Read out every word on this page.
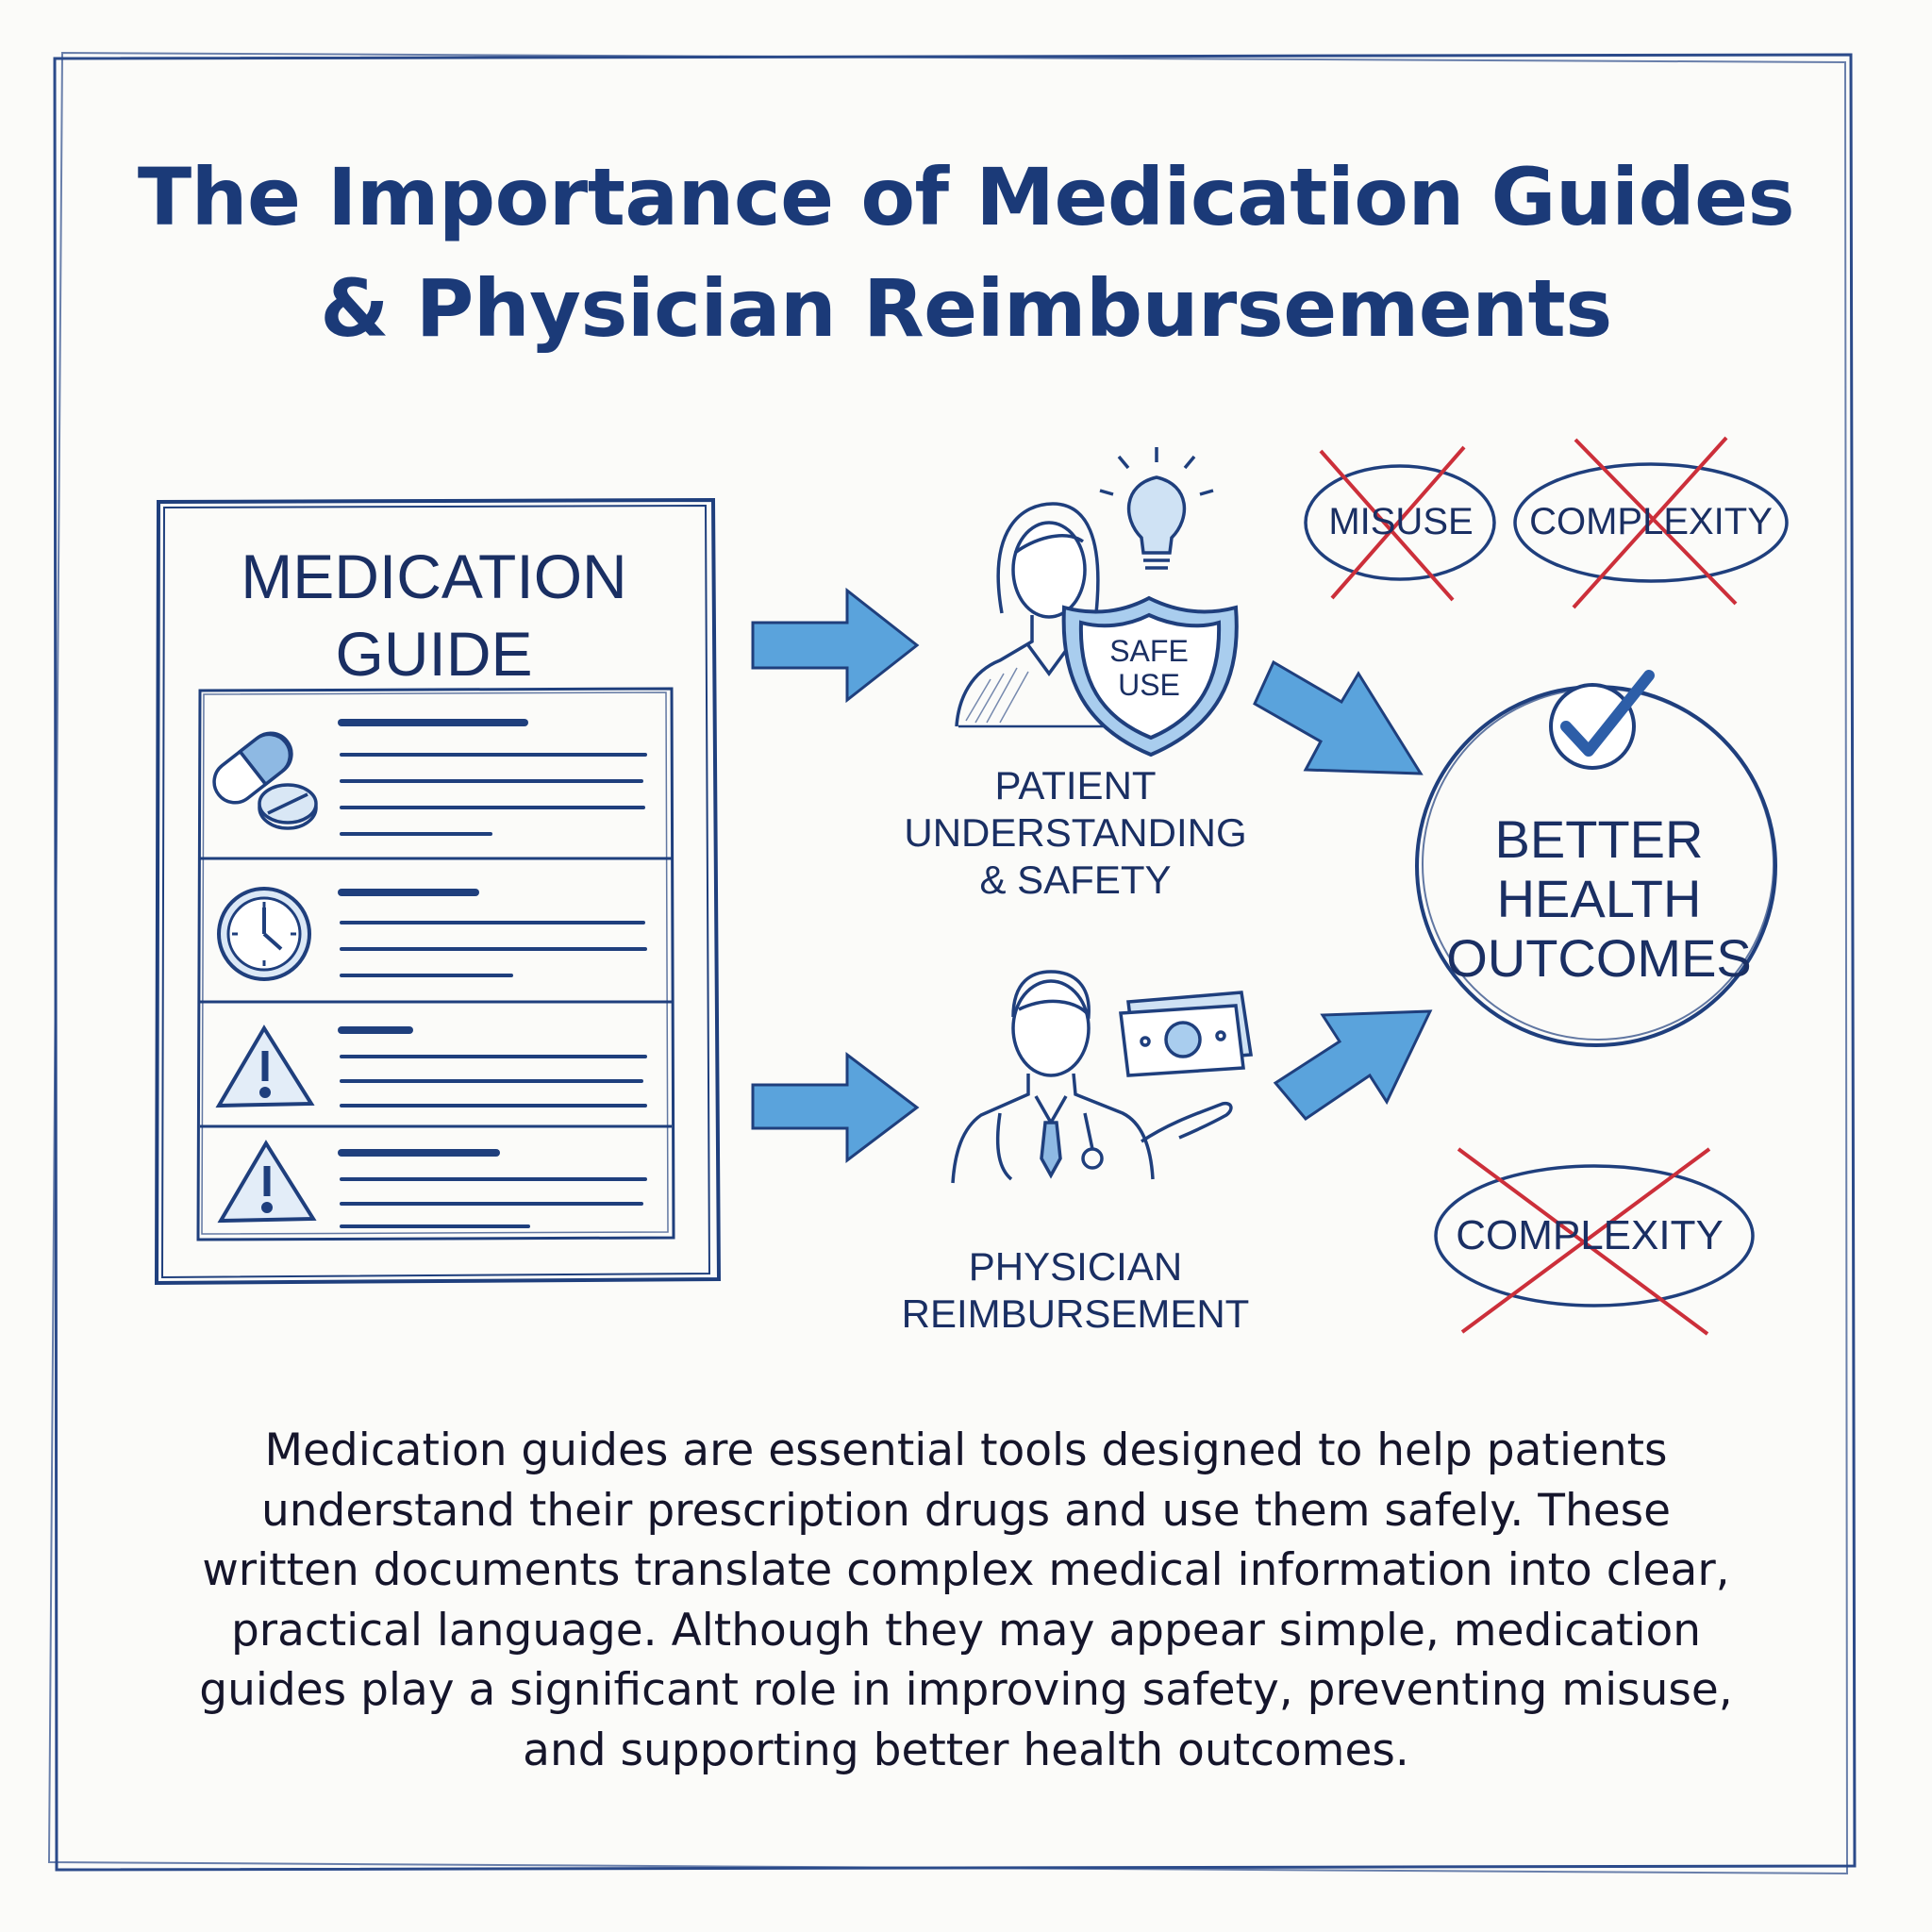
The Importance of Medication Guides
& Physician Reimbursements
MEDICATION
GUIDE	SAFE
USE
PATIENT
UNDERSTANDING
& SAFETY
PHYSICIAN
REIMBURSEMENT
BETTER
HEALTH
OUTCOMES
MISUSE	COMPLEXITY
COMPLEXITY
Medication guides are essential tools designed to help patients
understand their prescription drugs and use them safely. These
written documents translate complex medical information into clear,
practical language. Although they may appear simple, medication
guides play a significant role in improving safety, preventing misuse,
and supporting better health outcomes.
